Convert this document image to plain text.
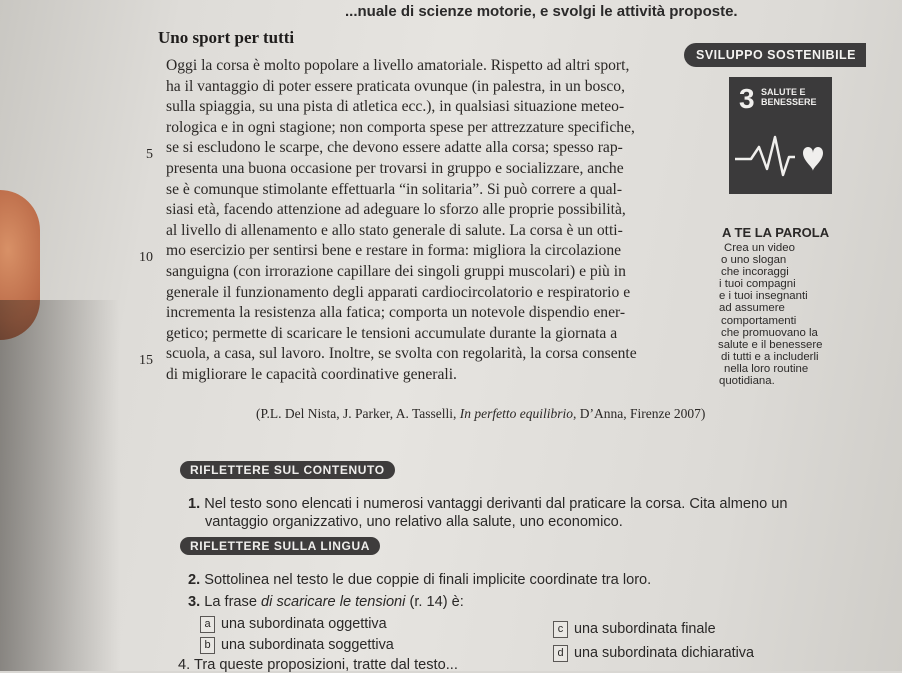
...nuale di scienze motorie, e svolgi le attività proposte.
Uno sport per tutti
Oggi la corsa è molto popolare a livello amatoriale. Rispetto ad altri sport,
ha il vantaggio di poter essere praticata ovunque (in palestra, in un bosco,
sulla spiaggia, su una pista di atletica ecc.), in qualsiasi situazione meteo-
rologica e in ogni stagione; non comporta spese per attrezzature specifiche,
se si escludono le scarpe, che devono essere adatte alla corsa; spesso rap-
presenta una buona occasione per trovarsi in gruppo e socializzare, anche
se è comunque stimolante effettuarla “in solitaria”. Si può correre a qual-
siasi età, facendo attenzione ad adeguare lo sforzo alle proprie possibilità,
al livello di allenamento e allo stato generale di salute. La corsa è un otti-
mo esercizio per sentirsi bene e restare in forma: migliora la circolazione
sanguigna (con irrorazione capillare dei singoli gruppi muscolari) e più in
generale il funzionamento degli apparati cardiocircolatorio e respiratorio e
incrementa la resistenza alla fatica; comporta un notevole dispendio ener-
getico; permette di scaricare le tensioni accumulate durante la giornata a
scuola, a casa, sul lavoro. Inoltre, se svolta con regolarità, la corsa consente
di migliorare le capacità coordinative generali.
5
10
15
(P.L. Del Nista, J. Parker, A. Tasselli, In perfetto equilibrio, D’Anna, Firenze 2007)
SVILUPPO SOSTENIBILE
3 SALUTE E
BENESSERE
A TE LA PAROLA
Crea un video
o uno slogan
che incoraggi
i tuoi compagni
e i tuoi insegnanti
ad assumere
comportamenti
che promuovano la
salute e il benessere
di tutti e a includerli
nella loro routine
quotidiana.
RIFLETTERE SUL CONTENUTO
1. Nel testo sono elencati i numerosi vantaggi derivanti dal praticare la corsa. Cita almeno un
vantaggio organizzativo, uno relativo alla salute, uno economico.
RIFLETTERE SULLA LINGUA
2. Sottolinea nel testo le due coppie di finali implicite coordinate tra loro.
3. La frase di scaricare le tensioni (r. 14) è:
a una subordinata oggettiva
b una subordinata soggettiva
c una subordinata finale
d una subordinata dichiarativa
4. Tra queste proposizioni, tratte dal testo...
